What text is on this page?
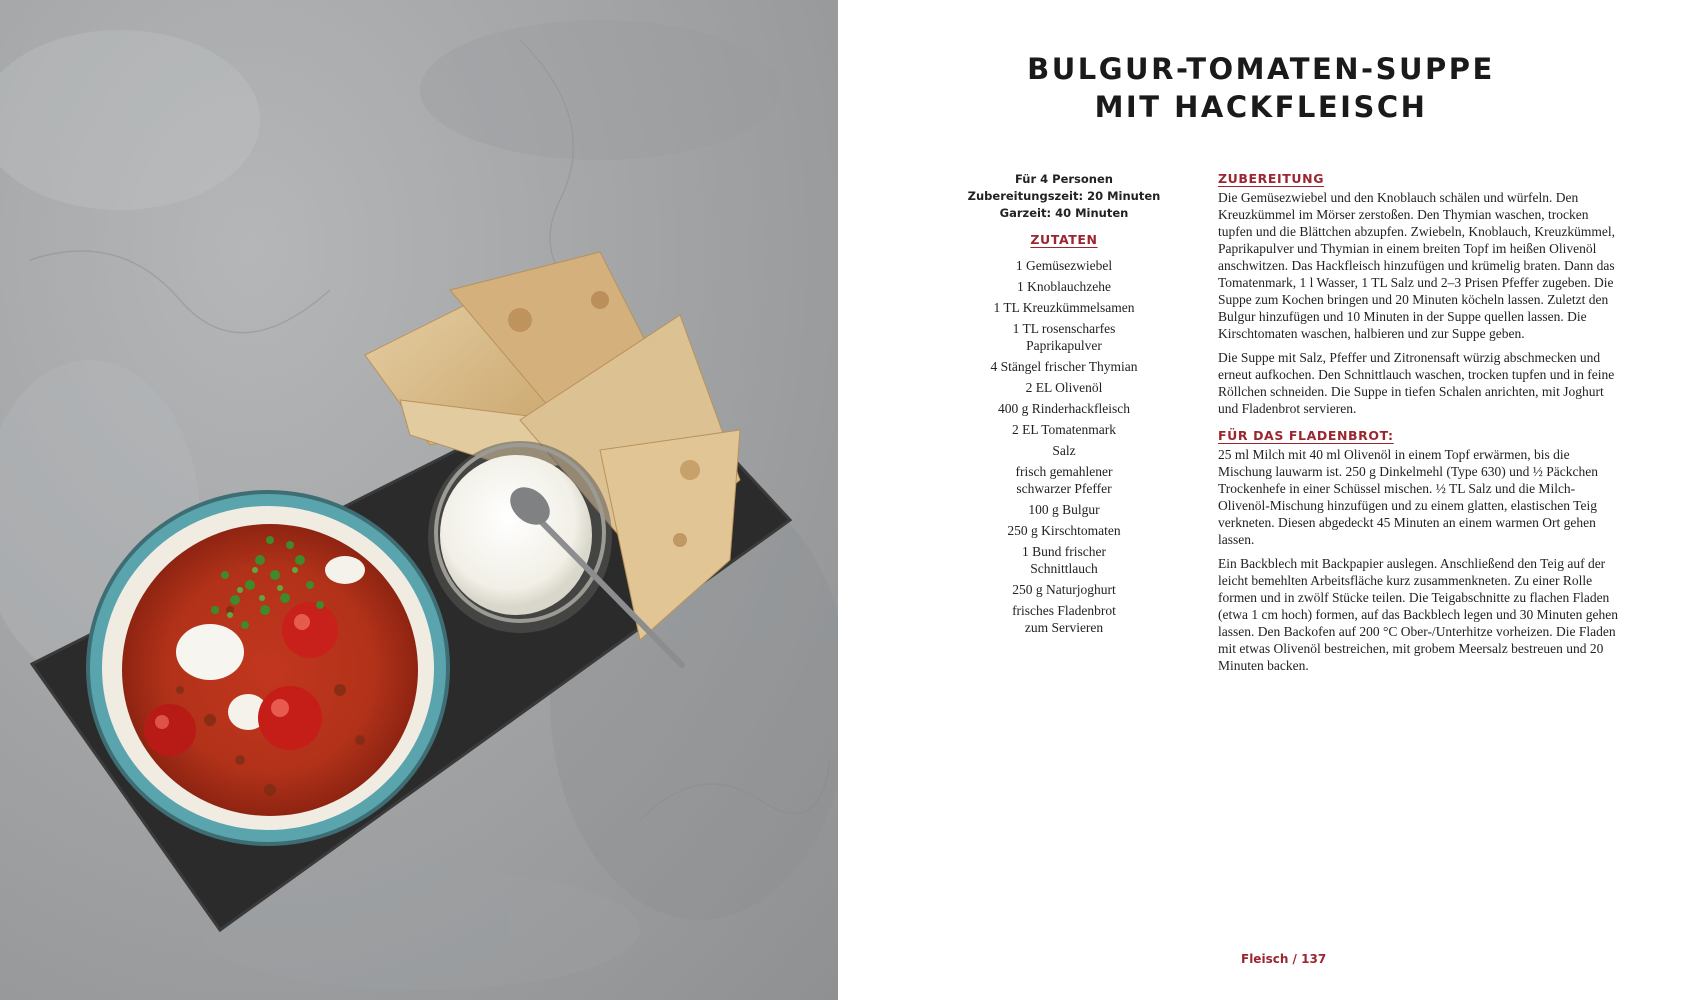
BULGUR-TOMATEN-SUPPE
MIT HACKFLEISCH
Für 4 Personen
Zubereitungszeit: 20 Minuten
Garzeit: 40 Minuten
ZUTATEN
1 Gemüsezwiebel
1 Knoblauchzehe
1 TL Kreuzkümmelsamen
1 TL rosenscharfes Paprikapulver
4 Stängel frischer Thymian
2 EL Olivenöl
400 g Rinderhackfleisch
2 EL Tomatenmark
Salz
frisch gemahlener schwarzer Pfeffer
100 g Bulgur
250 g Kirschtomaten
1 Bund frischer Schnittlauch
250 g Naturjoghurt
frisches Fladenbrot zum Servieren
ZUBEREITUNG

Die Gemüsezwiebel und den Knoblauch schälen und würfeln. Den Kreuzkümmel im Mörser zerstoßen. Den Thymian waschen, trocken tupfen und die Blättchen abzupfen. Zwiebeln, Knoblauch, Kreuzkümmel, Paprikapulver und Thymian in einem breiten Topf im heißen Olivenöl anschwitzen. Das Hackfleisch hinzufügen und krümelig braten. Dann das Tomatenmark, 1 l Wasser, 1 TL Salz und 2–3 Prisen Pfeffer zugeben. Die Suppe zum Kochen bringen und 20 Minuten köcheln lassen. Zuletzt den Bulgur hinzufügen und 10 Minuten in der Suppe quellen lassen. Die Kirschtomaten waschen, halbieren und zur Suppe geben.

Die Suppe mit Salz, Pfeffer und Zitronensaft würzig abschmecken und erneut aufkochen. Den Schnittlauch waschen, trocken tupfen und in feine Röllchen schneiden. Die Suppe in tiefen Schalen anrichten, mit Joghurt und Fladenbrot servieren.

FÜR DAS FLADENBROT:

25 ml Milch mit 40 ml Olivenöl in einem Topf erwärmen, bis die Mischung lauwarm ist. 250 g Dinkelmehl (Type 630) und ½ Päckchen Trockenhefe in einer Schüssel mischen. ½ TL Salz und die Milch-Olivenöl-Mischung hinzufügen und zu einem glatten, elastischen Teig verkneten. Diesen abgedeckt 45 Minuten an einem warmen Ort gehen lassen.

Ein Backblech mit Backpapier auslegen. Anschließend den Teig auf der leicht bemehlten Arbeitsfläche kurz zusammenkneten. Zu einer Rolle formen und in zwölf Stücke teilen. Die Teigabschnitte zu flachen Fladen (etwa 1 cm hoch) formen, auf das Backblech legen und 30 Minuten gehen lassen. Den Backofen auf 200 °C Ober-/Unterhitze vorheizen. Die Fladen mit etwas Olivenöl bestreichen, mit grobem Meersalz bestreuen und 20 Minuten backen.

Fleisch / 137
